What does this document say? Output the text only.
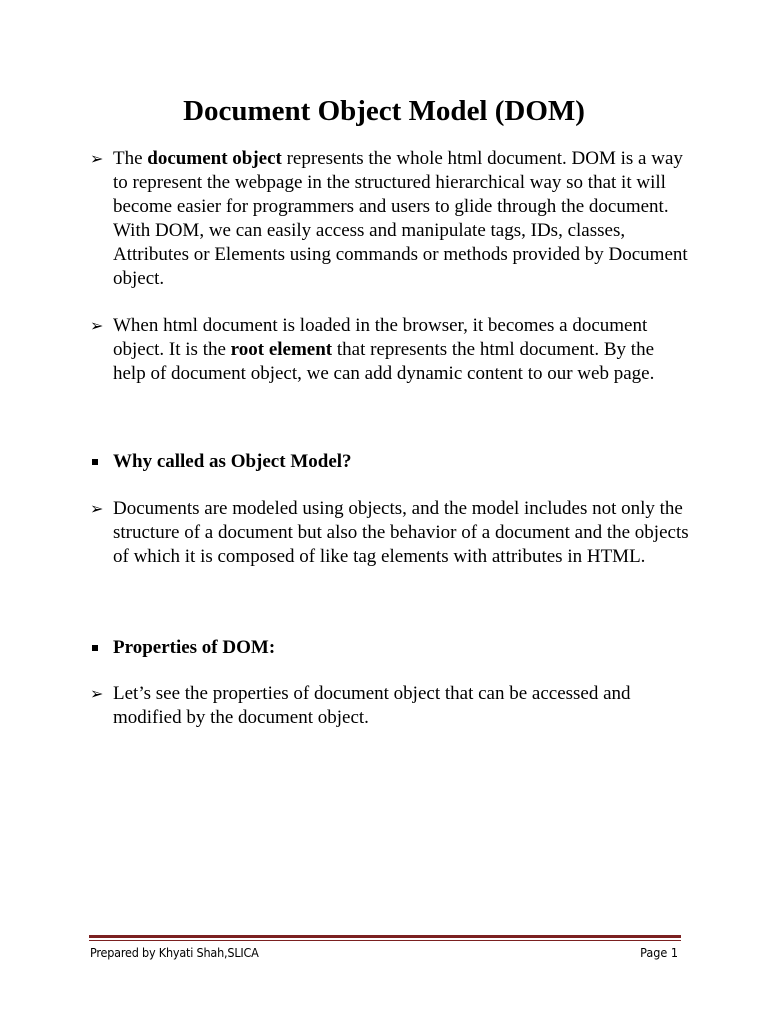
Document Object Model (DOM)
➢ The document object represents the whole html document. DOM is a way to represent the webpage in the structured hierarchical way so that it will become easier for programmers and users to glide through the document. With DOM, we can easily access and manipulate tags, IDs, classes, Attributes or Elements using commands or methods provided by Document object.
➢ When html document is loaded in the browser, it becomes a document object. It is the root element that represents the html document. By the help of document object, we can add dynamic content to our web page.
Why called as Object Model?
➢ Documents are modeled using objects, and the model includes not only the structure of a document but also the behavior of a document and the objects of which it is composed of like tag elements with attributes in HTML.
Properties of DOM:
➢ Let’s see the properties of document object that can be accessed and modified by the document object.
Prepared by Khyati Shah,SLICA	Page 1
